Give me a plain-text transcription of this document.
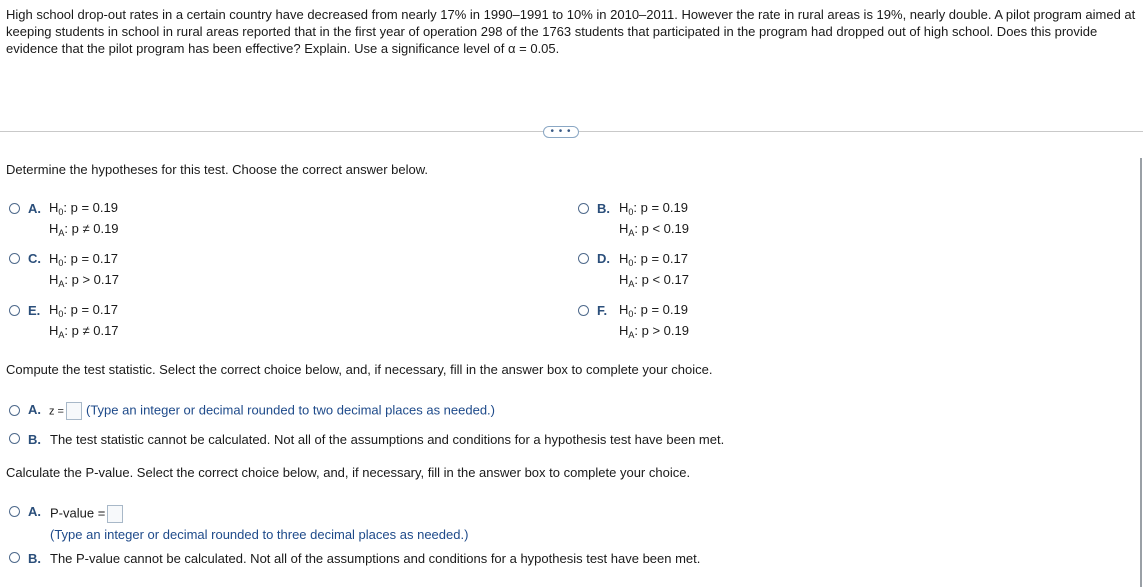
High school drop-out rates in a certain country have decreased from nearly 17% in 1990–1991 to 10% in 2010–2011. However the rate in rural areas is 19%, nearly double. A pilot program aimed at keeping students in school in rural areas reported that in the first year of operation 298 of the 1763 students that participated in the program had dropped out of high school. Does this provide evidence that the pilot program has been effective? Explain. Use a significance level of α = 0.05.
• • •
Determine the hypotheses for this test. Choose the correct answer below.
A. $H_0$: p = 0.19
$H_A$: p ≠ 0.19
B. $H_0$: p = 0.19
$H_A$: p < 0.19
C. $H_0$: p = 0.17
$H_A$: p > 0.17
D. $H_0$: p = 0.17
$H_A$: p < 0.17
E. $H_0$: p = 0.17
$H_A$: p ≠ 0.17
F. $H_0$: p = 0.19
$H_A$: p > 0.19
Compute the test statistic. Select the correct choice below, and, if necessary, fill in the answer box to complete your choice.
A. z = (Type an integer or decimal rounded to two decimal places as needed.)
B. The test statistic cannot be calculated. Not all of the assumptions and conditions for a hypothesis test have been met.
Calculate the P-value. Select the correct choice below, and, if necessary, fill in the answer box to complete your choice.
A. P-value =
(Type an integer or decimal rounded to three decimal places as needed.)
B. The P-value cannot be calculated. Not all of the assumptions and conditions for a hypothesis test have been met.
